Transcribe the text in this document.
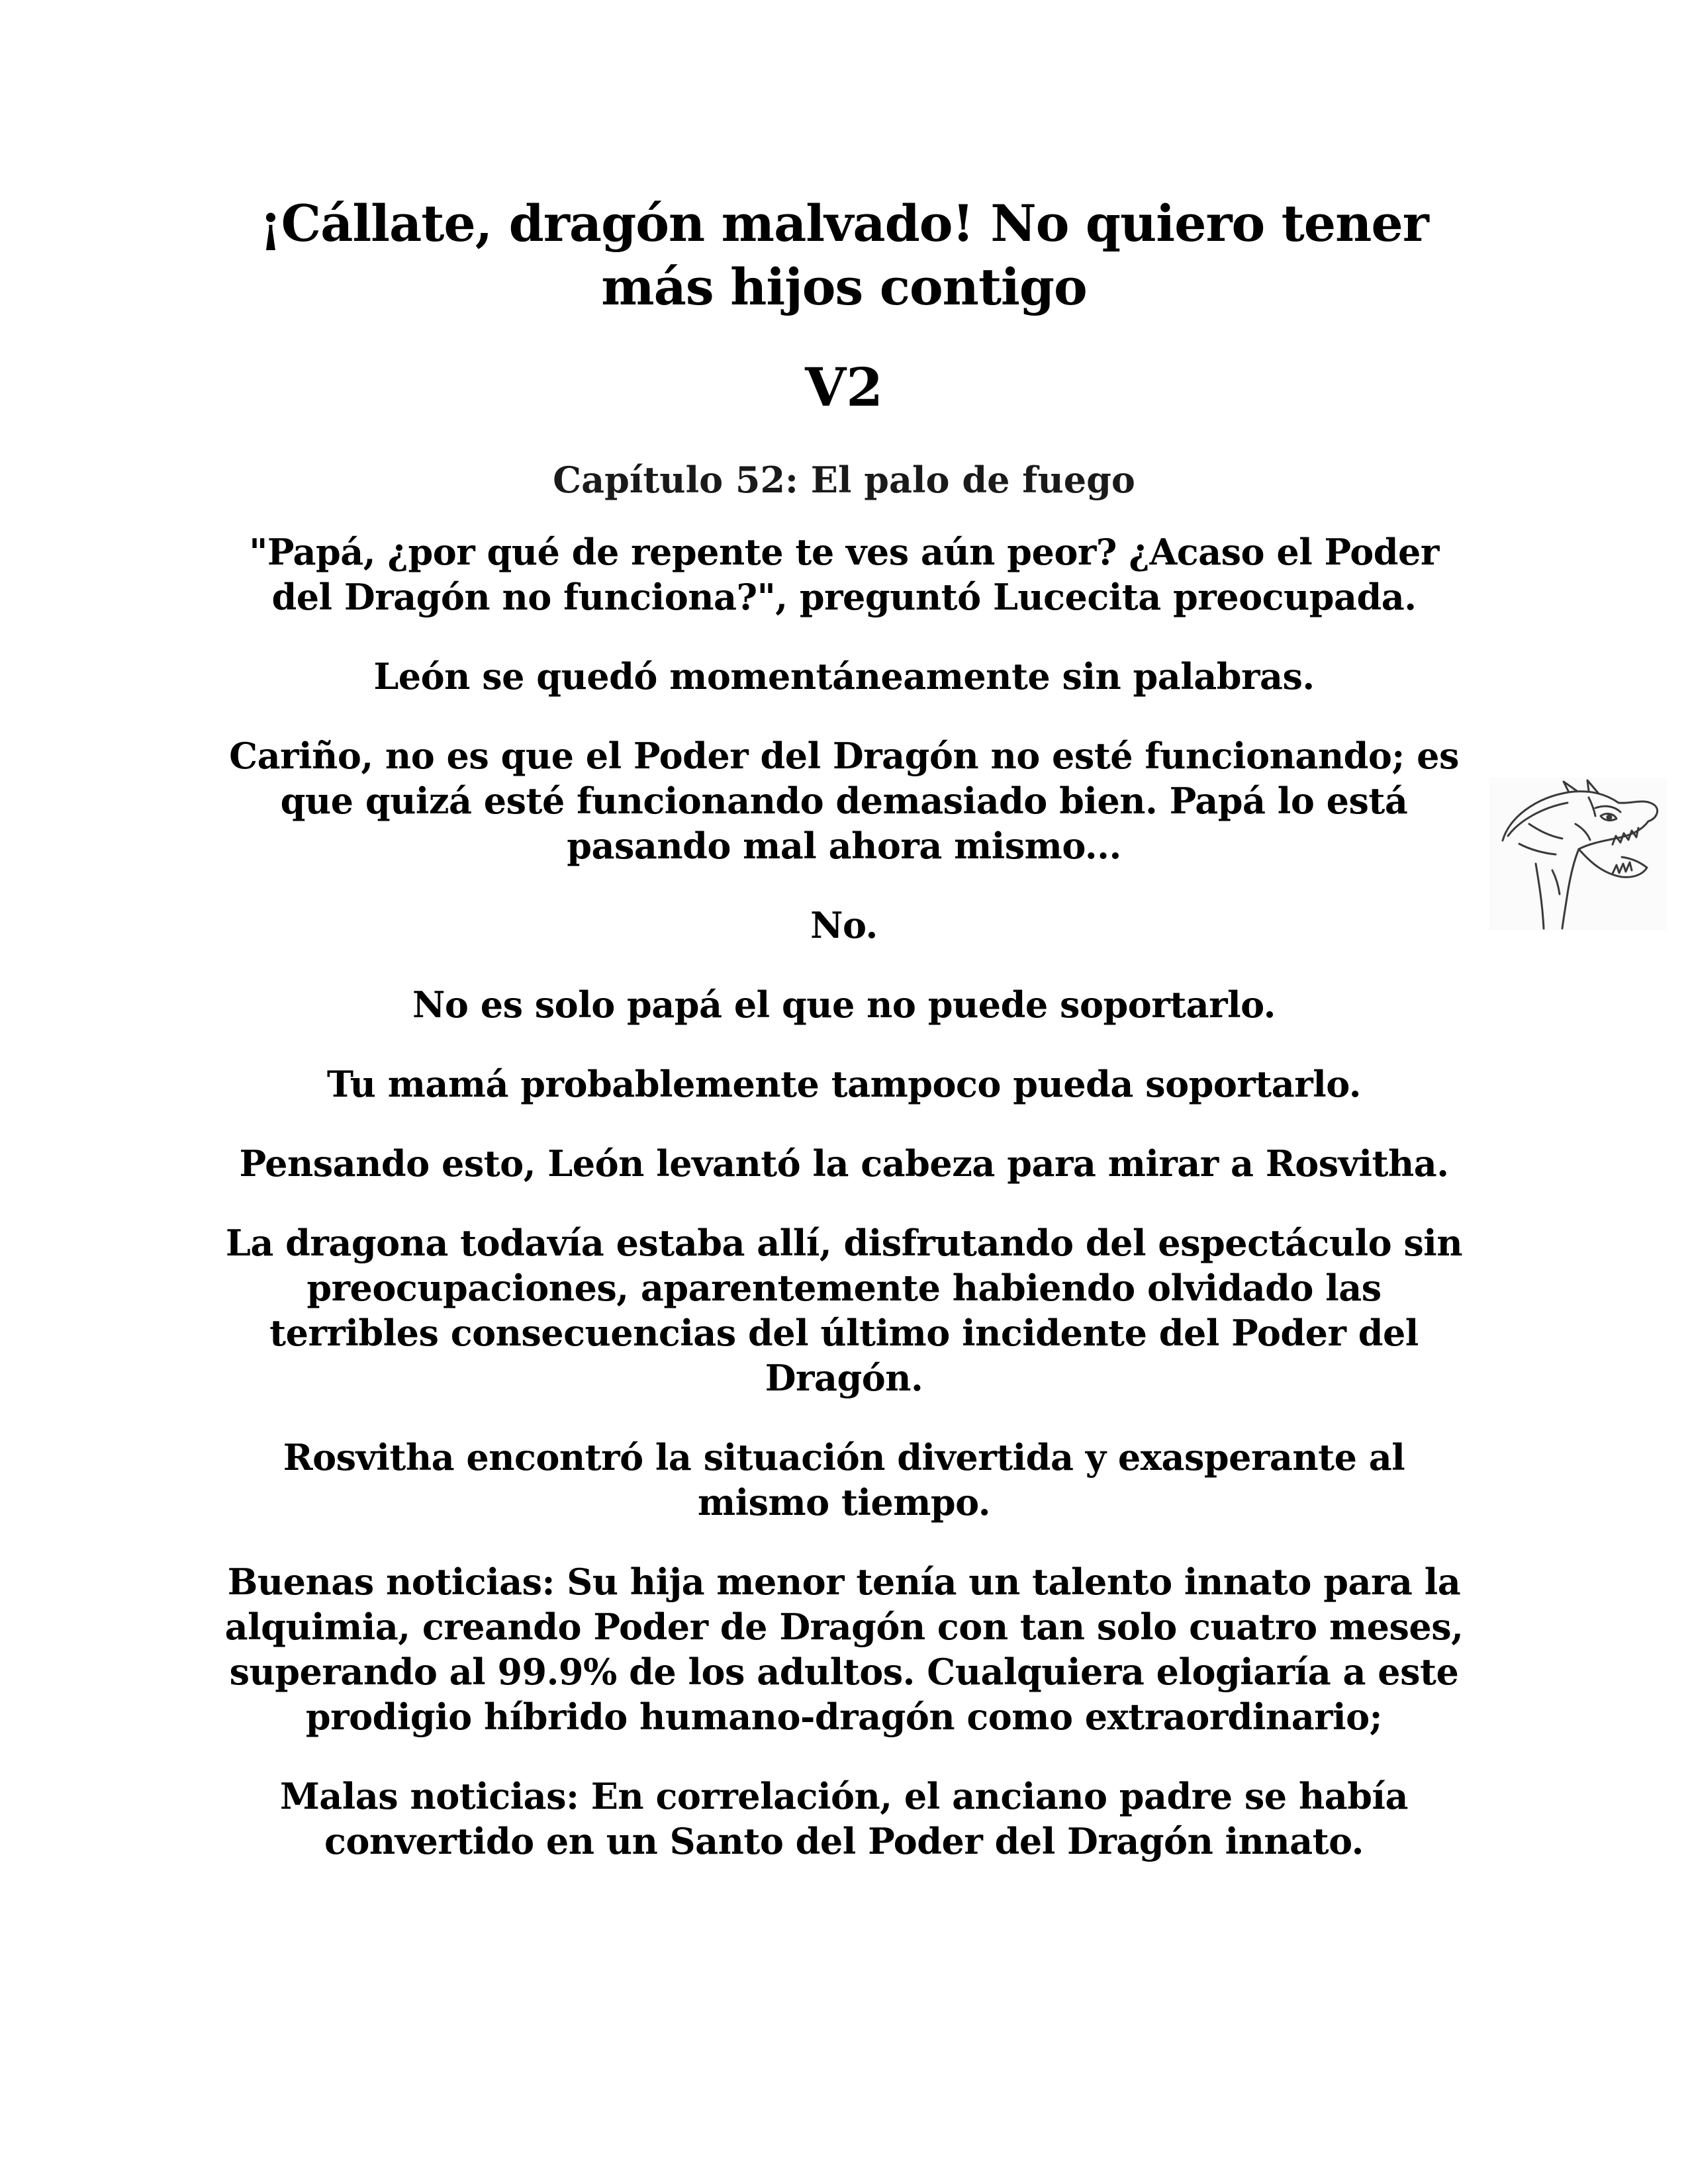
¡Cállate, dragón malvado! No quiero tener más hijos contigo
V2
Capítulo 52: El palo de fuego

"Papá, ¿por qué de repente te ves aún peor? ¿Acaso el Poder del Dragón no funciona?", preguntó Lucecita preocupada.

León se quedó momentáneamente sin palabras.

Cariño, no es que el Poder del Dragón no esté funcionando; es que quizá esté funcionando demasiado bien. Papá lo está pasando mal ahora mismo...

No.

No es solo papá el que no puede soportarlo.

Tu mamá probablemente tampoco pueda soportarlo.

Pensando esto, León levantó la cabeza para mirar a Rosvitha.

La dragona todavía estaba allí, disfrutando del espectáculo sin preocupaciones, aparentemente habiendo olvidado las terribles consecuencias del último incidente del Poder del Dragón.

Rosvitha encontró la situación divertida y exasperante al mismo tiempo.

Buenas noticias: Su hija menor tenía un talento innato para la alquimia, creando Poder de Dragón con tan solo cuatro meses, superando al 99.9% de los adultos. Cualquiera elogiaría a este prodigio híbrido humano-dragón como extraordinario;

Malas noticias: En correlación, el anciano padre se había convertido en un Santo del Poder del Dragón innato.
